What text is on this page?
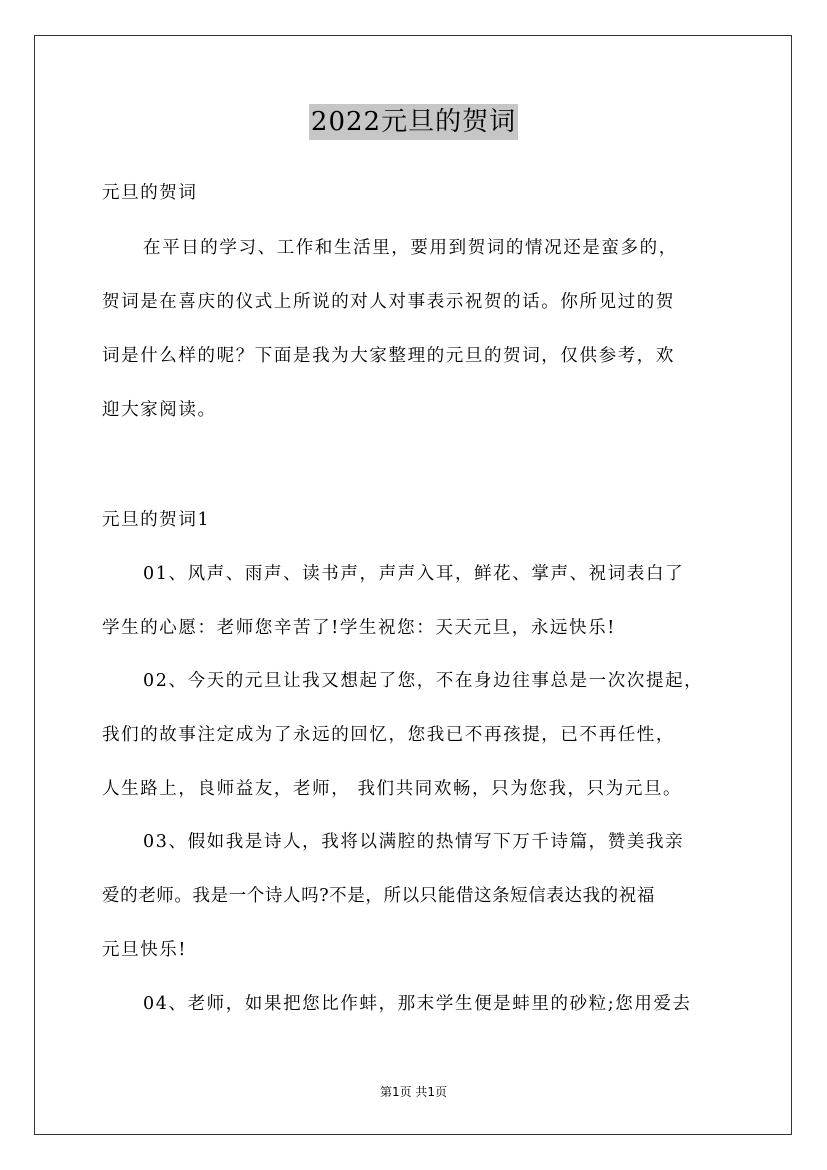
2022元旦的贺词
元旦的贺词
在平日的学习、工作和生活里，要用到贺词的情况还是蛮多的，
贺词是在喜庆的仪式上所说的对人对事表示祝贺的话。你所见过的贺
词是什么样的呢？下面是我为大家整理的元旦的贺词，仅供参考，欢
迎大家阅读。
元旦的贺词1
01、风声、雨声、读书声，声声入耳，鲜花、掌声、祝词表白了
学生的心愿：老师您辛苦了!学生祝您：天天元旦，永远快乐!
02、今天的元旦让我又想起了您，不在身边往事总是一次次提起，
我们的故事注定成为了永远的回忆，您我已不再孩提，已不再任性，
人生路上，良师益友，老师， 我们共同欢畅，只为您我，只为元旦。
03、假如我是诗人，我将以满腔的热情写下万千诗篇，赞美我亲
爱的老师。我是一个诗人吗?不是，所以只能借这条短信表达我的祝福
元旦快乐!
04、老师，如果把您比作蚌，那末学生便是蚌里的砂粒;您用爱去
第1页 共1页
